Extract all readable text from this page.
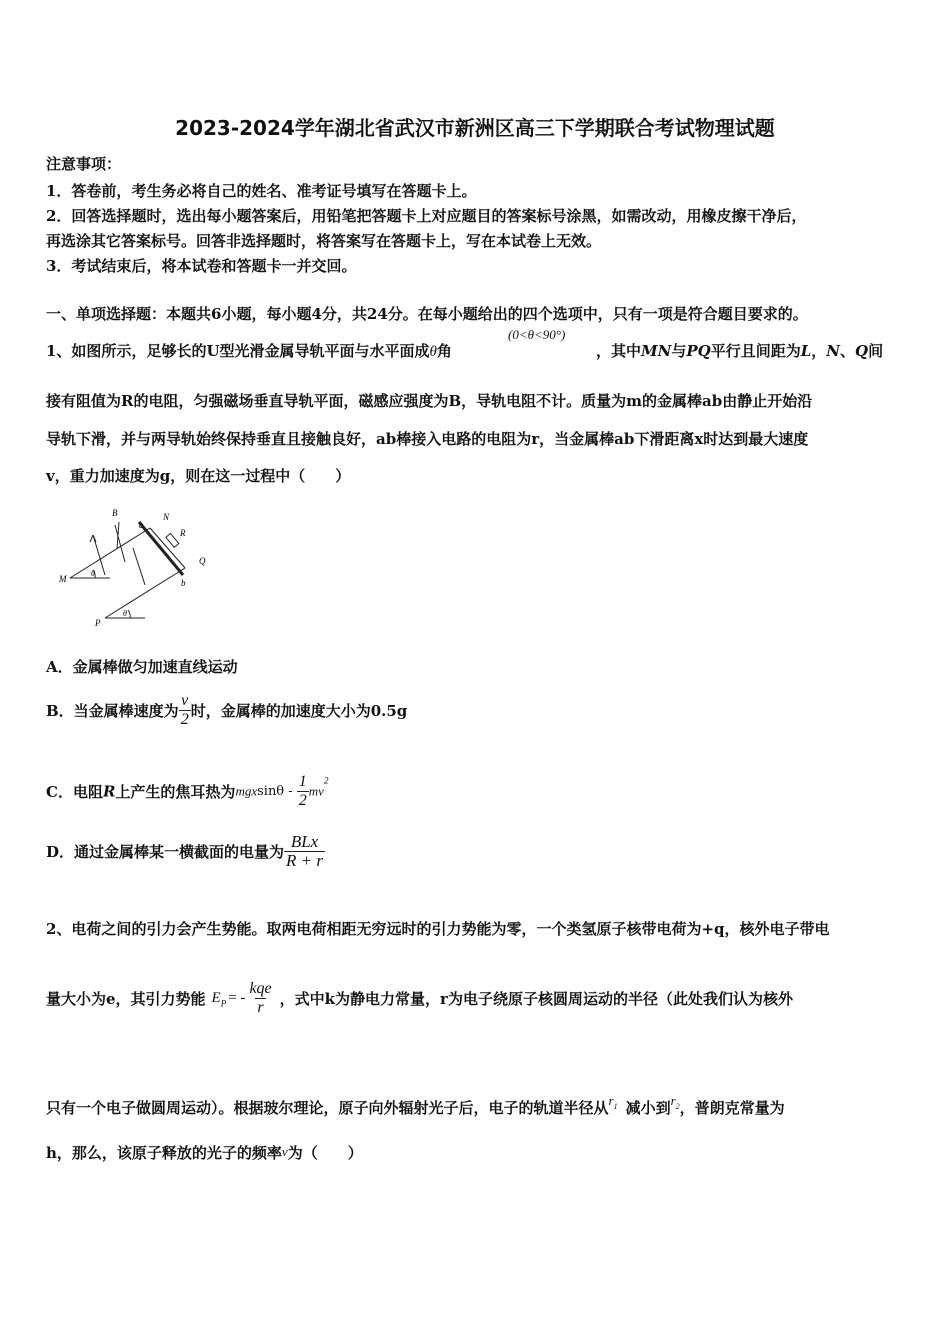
2023-2024学年湖北省武汉市新洲区高三下学期联合考试物理试题
注意事项：
1．答卷前，考生务必将自己的姓名、准考证号填写在答题卡上。
2．回答选择题时，选出每小题答案后，用铅笔把答题卡上对应题目的答案标号涂黑，如需改动，用橡皮擦干净后，
再选涂其它答案标号。回答非选择题时，将答案写在答题卡上，写在本试卷上无效。
3．考试结束后，将本试卷和答题卡一并交回。
一、单项选择题：本题共6小题，每小题4分，共24分。在每小题给出的四个选项中，只有一项是符合题目要求的。
1、如图所示，足够长的U型光滑金属导轨平面与水平面成θ角
(0<θ<90°)
，其中MN与PQ平行且间距为L，N、Q间
接有阻值为R的电阻，匀强磁场垂直导轨平面，磁感应强度为B，导轨电阻不计。质量为m的金属棒ab由静止开始沿
导轨下滑，并与两导轨始终保持垂直且接触良好，ab棒接入电路的电阻为r，当金属棒ab下滑距离x时达到最大速度
v，重力加速度为g，则在这一过程中（　　）
B
a
N
R
Q
b
M
P
θ
θ
A．金属棒做匀加速直线运动
B．当金属棒速度为 $\frac{v}{2}$ 时，金属棒的加速度大小为0.5g
C．电阻R上产生的焦耳热为mgxsinθ - $\frac{1}{2} mv^2$
D．通过金属棒某一横截面的电量为 $\frac{\text{BLx}}{R + r}$
2、电荷之间的引力会产生势能。取两电荷相距无穷远时的引力势能为零，一个类氢原子核带电荷为+q，核外电子带电
量大小为e，其引力势能 $E_P$ = - $\frac{\text{kqe}}{r}$ ，式中k为静电力常量，r为电子绕原子核圆周运动的半径（此处我们认为核外
只有一个电子做圆周运动）。根据玻尔理论，原子向外辐射光子后，电子的轨道半径从$r_1$ 减小到$r_2$，普朗克常量为
h，那么，该原子释放的光子的频率ν为（　　）
